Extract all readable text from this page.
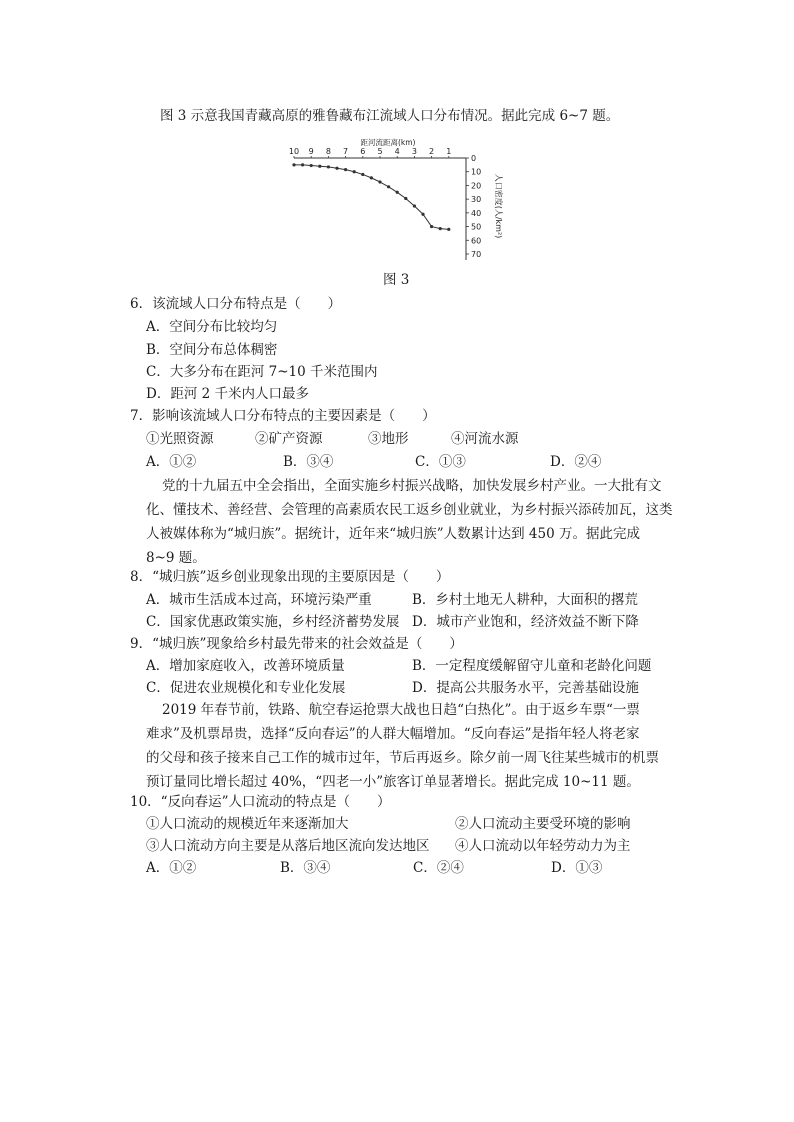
图 3 示意我国青藏高原的雅鲁藏布江流域人口分布情况。据此完成 6~7 题。
距河流距离(km)
10 9 8 7 6 5 4 3 2 1
0
10
20
30
40
50
60
70
人口密度(人/km²)
图 3
6．该流域人口分布特点是（　　）
A．空间分布比较均匀
B．空间分布总体稠密
C．大多分布在距河 7~10 千米范围内
D．距河 2 千米内人口最多
7．影响该流域人口分布特点的主要因素是（　　）
①光照资源	②矿产资源	③地形	④河流水源
A．①②	B．③④	C．①③	D．②④
党的十九届五中全会指出，全面实施乡村振兴战略，加快发展乡村产业。一大批有文
化、懂技术、善经营、会管理的高素质农民工返乡创业就业，为乡村振兴添砖加瓦，这类
人被媒体称为“城归族”。据统计，近年来“城归族”人数累计达到 450 万。据此完成
8~9 题。
8．“城归族”返乡创业现象出现的主要原因是（　　）
A．城市生活成本过高，环境污染严重	B．乡村土地无人耕种，大面积的撂荒
C．国家优惠政策实施，乡村经济蓄势发展 D．城市产业饱和，经济效益不断下降
9．“城归族”现象给乡村最先带来的社会效益是（　　）
A．增加家庭收入，改善环境质量	B．一定程度缓解留守儿童和老龄化问题
C．促进农业规模化和专业化发展	D．提高公共服务水平，完善基础设施
2019 年春节前，铁路、航空春运抢票大战也日趋“白热化”。由于返乡车票“一票
难求”及机票昂贵，选择“反向春运”的人群大幅增加。“反向春运”是指年轻人将老家
的父母和孩子接来自己工作的城市过年，节后再返乡。除夕前一周飞往某些城市的机票
预订量同比增长超过 40%，“四老一小”旅客订单显著增长。据此完成 10~11 题。
10．“反向春运”人口流动的特点是（　　）
①人口流动的规模近年来逐渐加大	②人口流动主要受环境的影响
③人口流动方向主要是从落后地区流向发达地区 ④人口流动以年轻劳动力为主
A．①②	B．③④	C．②④	D．①③
